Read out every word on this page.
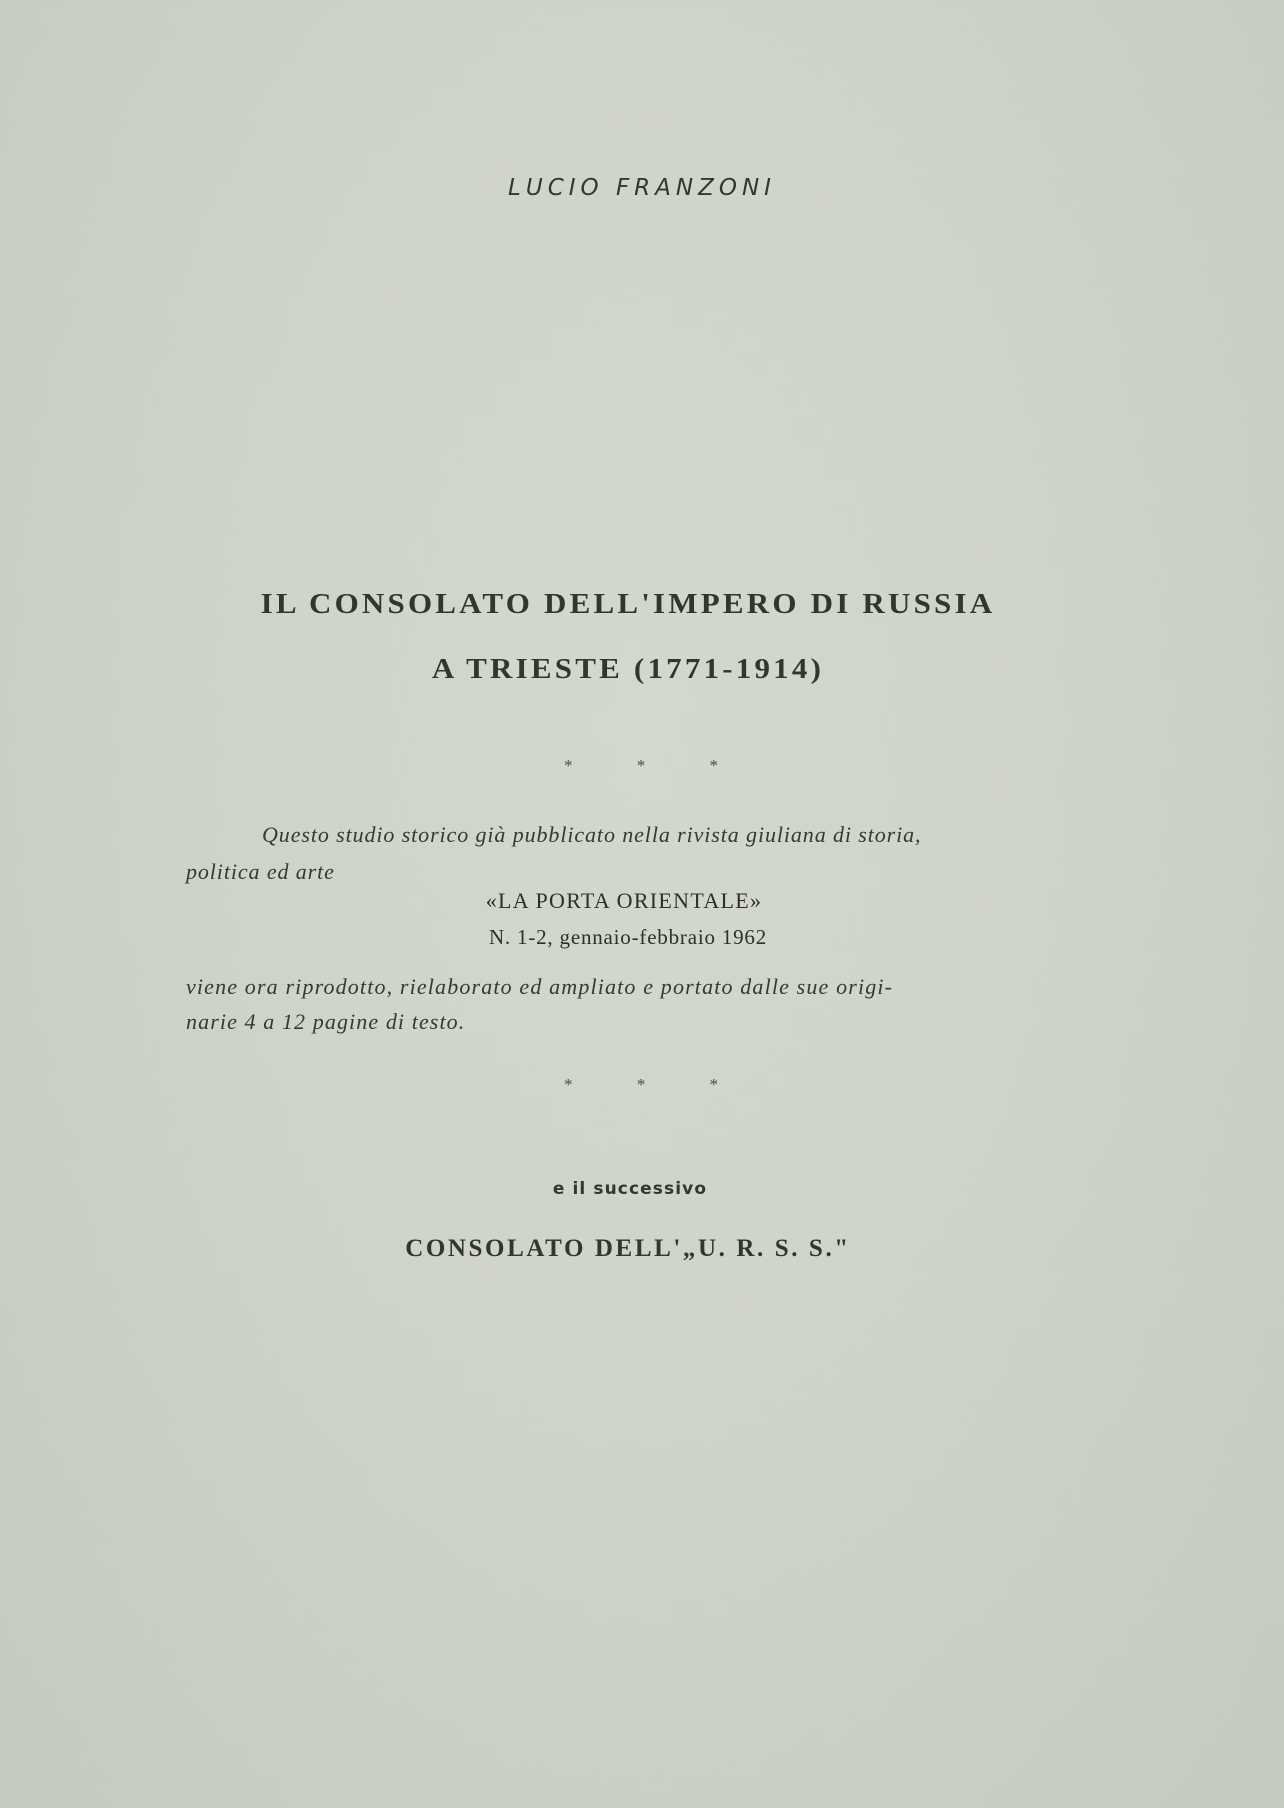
LUCIO FRANZONI
IL CONSOLATO DELL'IMPERO DI RUSSIA
A TRIESTE (1771-1914)
* * *
Questo studio storico già pubblicato nella rivista giuliana di storia,
politica ed arte
«LA PORTA ORIENTALE»
N. 1-2, gennaio-febbraio 1962
viene ora riprodotto, rielaborato ed ampliato e portato dalle sue origi-
narie 4 a 12 pagine di testo.
* * *
e il successivo
CONSOLATO DELL'„U. R. S. S."
